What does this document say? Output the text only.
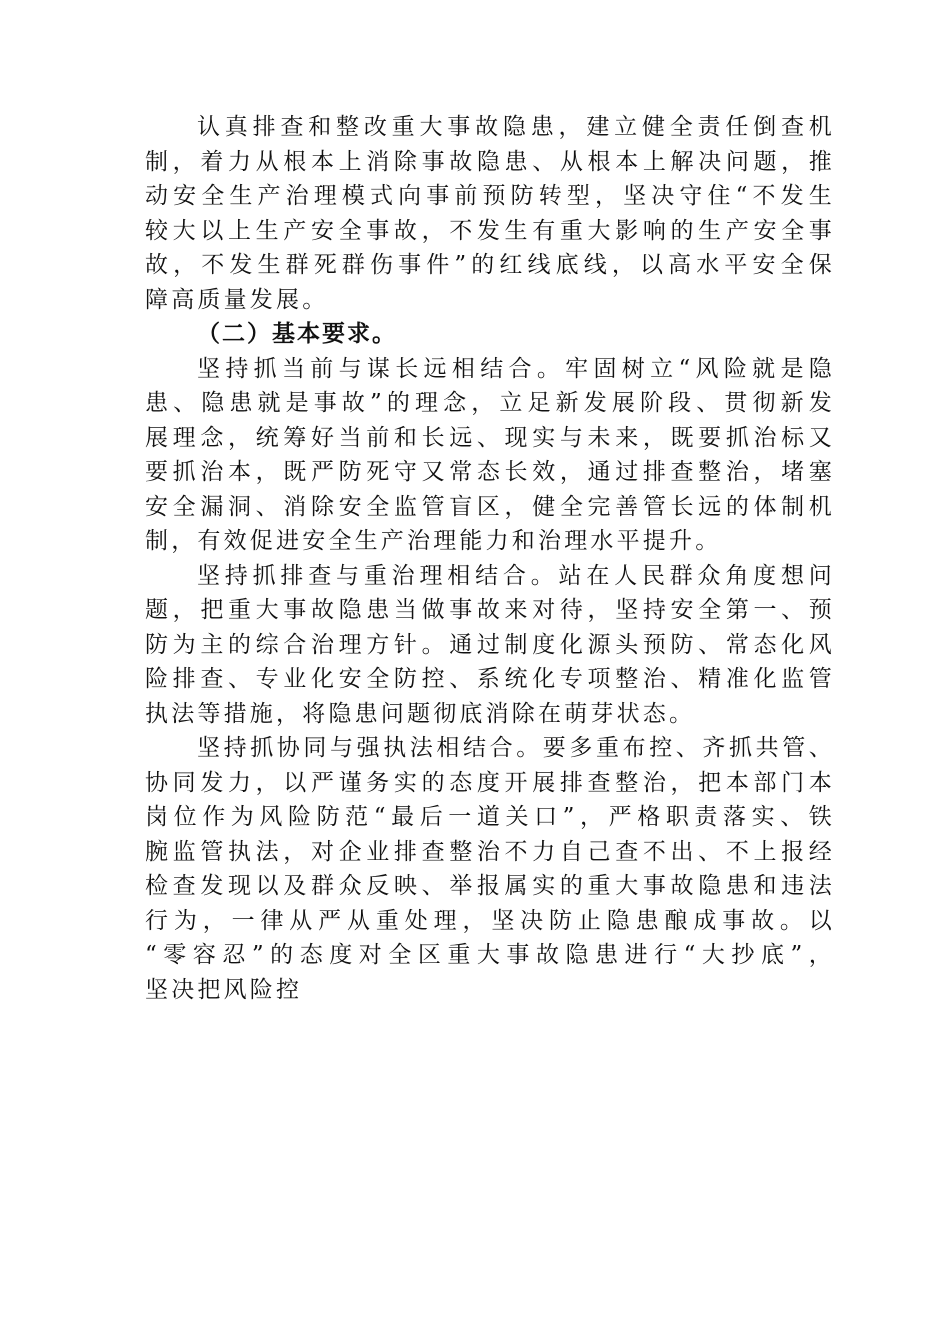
认真排查和整改重大事故隐患，建立健全责任倒查机
制，着力从根本上消除事故隐患、从根本上解决问题，推
动安全生产治理模式向事前预防转型，坚决守住“不发生
较大以上生产安全事故，不发生有重大影响的生产安全事
故，不发生群死群伤事件”的红线底线，以高水平安全保
障高质量发展。
（二）基本要求。
坚持抓当前与谋长远相结合。牢固树立“风险就是隐
患、隐患就是事故”的理念，立足新发展阶段、贯彻新发
展理念，统筹好当前和长远、现实与未来，既要抓治标又
要抓治本，既严防死守又常态长效，通过排查整治，堵塞
安全漏洞、消除安全监管盲区，健全完善管长远的体制机
制，有效促进安全生产治理能力和治理水平提升。
坚持抓排查与重治理相结合。站在人民群众角度想问
题，把重大事故隐患当做事故来对待，坚持安全第一、预
防为主的综合治理方针。通过制度化源头预防、常态化风
险排查、专业化安全防控、系统化专项整治、精准化监管
执法等措施，将隐患问题彻底消除在萌芽状态。
坚持抓协同与强执法相结合。要多重布控、齐抓共管、
协同发力，以严谨务实的态度开展排查整治，把本部门本
岗位作为风险防范“最后一道关口”，严格职责落实、铁
腕监管执法，对企业排查整治不力自己查不出、不上报经
检查发现以及群众反映、举报属实的重大事故隐患和违法
行为，一律从严从重处理，坚决防止隐患酿成事故。以
“零容忍”的态度对全区重大事故隐患进行“大抄底”，
坚决把风险控
